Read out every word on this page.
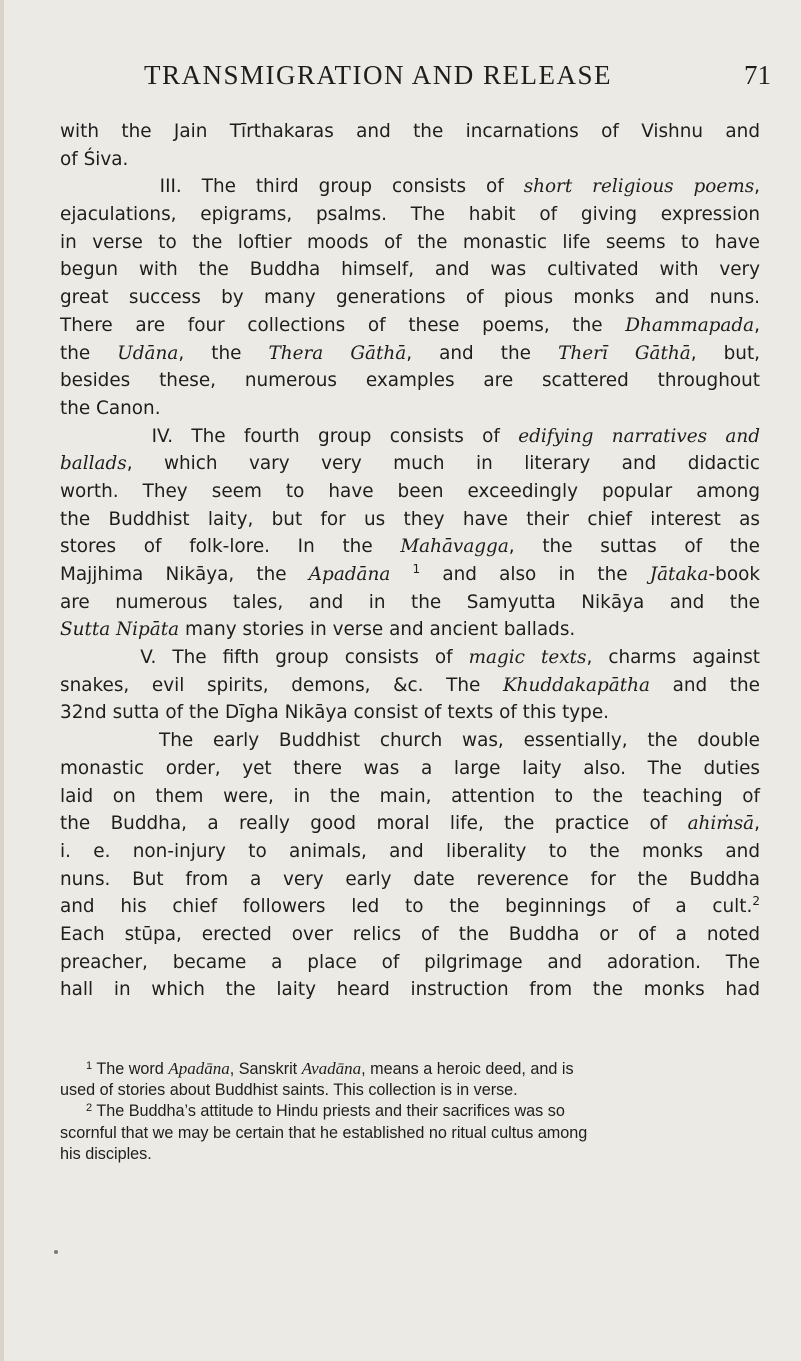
TRANSMIGRATION AND RELEASE	71
with the Jain Tīrthakaras and the incarnations of Vishnu and
of Śiva.
III. The third group consists of short religious poems,
ejaculations, epigrams, psalms. The habit of giving expression
in verse to the loftier moods of the monastic life seems to have
begun with the Buddha himself, and was cultivated with very
great success by many generations of pious monks and nuns.
There are four collections of these poems, the Dhammapada,
the Udāna, the Thera Gāthā, and the Therī Gāthā, but,
besides these, numerous examples are scattered throughout
the Canon.
IV. The fourth group consists of edifying narratives and
ballads, which vary very much in literary and didactic
worth. They seem to have been exceedingly popular among
the Buddhist laity, but for us they have their chief interest as
stores of folk-lore. In the Mahāvagga, the suttas of the
Majjhima Nikāya, the Apadāna $^1$ and also in the Jātaka-book
are numerous tales, and in the Samyutta Nikāya and the
Sutta Nipāta many stories in verse and ancient ballads.
V. The fifth group consists of magic texts, charms against
snakes, evil spirits, demons, &c. The Khuddakapātha and the
32nd sutta of the Dīgha Nikāya consist of texts of this type.
The early Buddhist church was, essentially, the double
monastic order, yet there was a large laity also. The duties
laid on them were, in the main, attention to the teaching of
the Buddha, a really good moral life, the practice of ahiṁsā,
i. e. non-injury to animals, and liberality to the monks and
nuns. But from a very early date reverence for the Buddha
and his chief followers led to the beginnings of a cult.$^2$
Each stūpa, erected over relics of the Buddha or of a noted
preacher, became a place of pilgrimage and adoration. The
hall in which the laity heard instruction from the monks had
$^1$ The word Apadāna, Sanskrit Avadāna, means a heroic deed, and is
used of stories about Buddhist saints. This collection is in verse.
$^2$ The Buddha’s attitude to Hindu priests and their sacrifices was so
scornful that we may be certain that he established no ritual cultus among
his disciples.
